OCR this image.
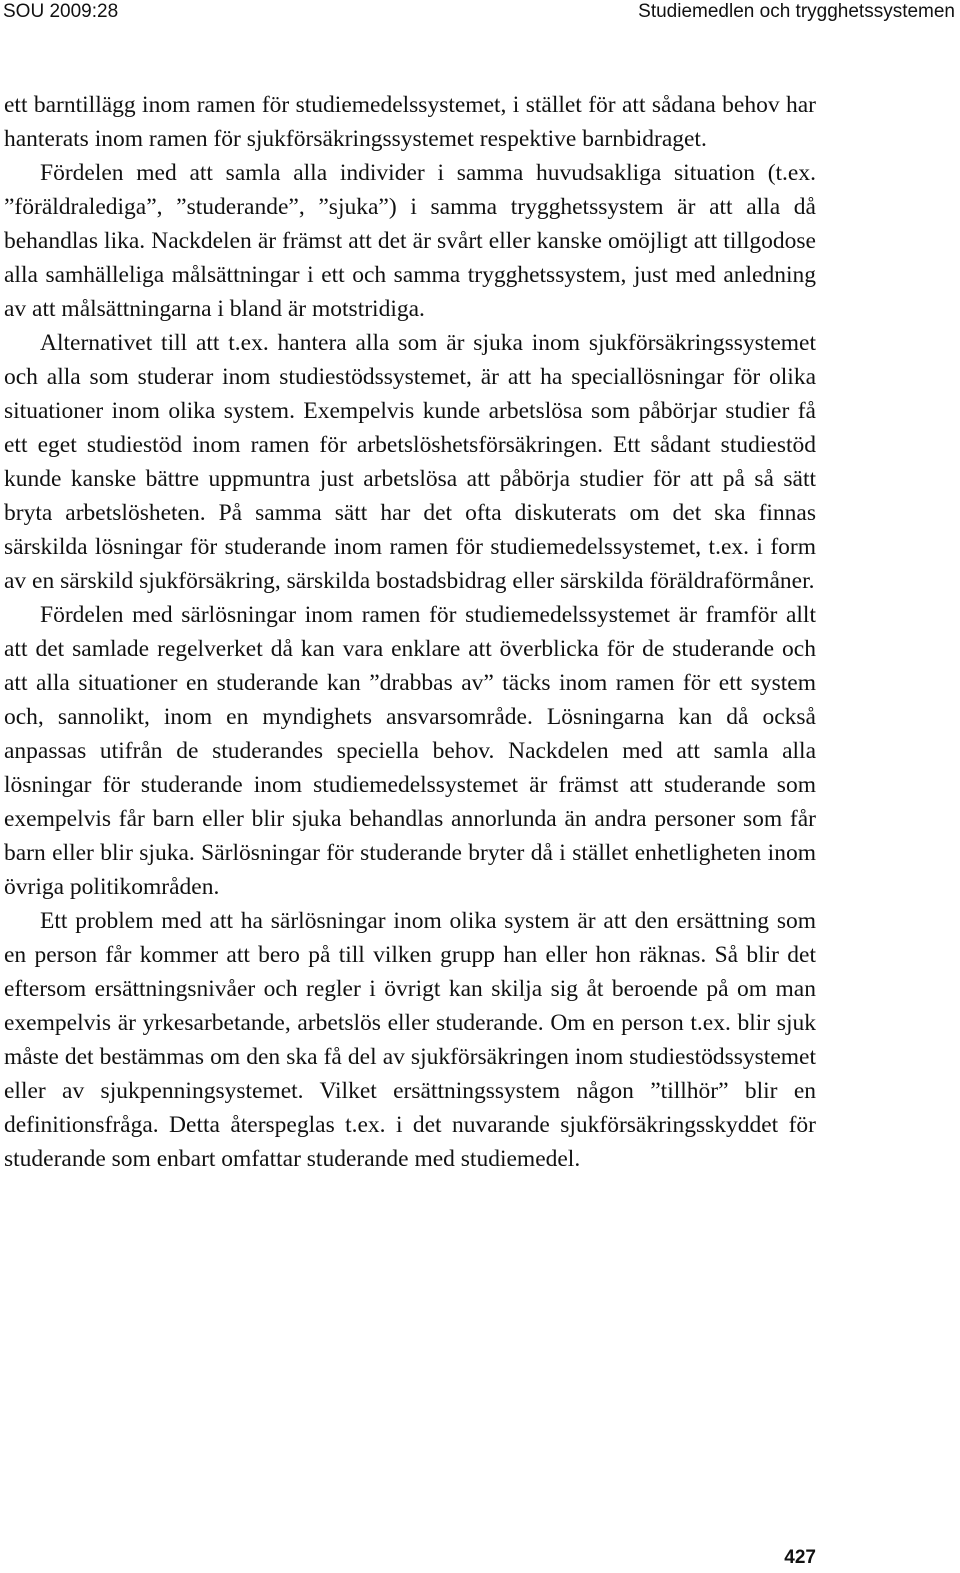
SOU 2009:28	Studiemedlen och trygghetssystemen

ett barntillägg inom ramen för studiemedelssystemet, i stället för att sådana behov har hanterats inom ramen för sjukförsäkringssystemet respektive barnbidraget.

Fördelen med att samla alla individer i samma huvudsakliga situation (t.ex. ”föräldralediga”, ”studerande”, ”sjuka”) i samma trygghetssystem är att alla då behandlas lika. Nackdelen är främst att det är svårt eller kanske omöjligt att tillgodose alla samhälleliga målsättningar i ett och samma trygghetssystem, just med anledning av att målsättningarna i bland är motstridiga.

Alternativet till att t.ex. hantera alla som är sjuka inom sjukförsäkringssystemet och alla som studerar inom studiestödssystemet, är att ha speciallösningar för olika situationer inom olika system. Exempelvis kunde arbetslösa som påbörjar studier få ett eget studiestöd inom ramen för arbetslöshetsförsäkringen. Ett sådant studiestöd kunde kanske bättre uppmuntra just arbetslösa att påbörja studier för att på så sätt bryta arbetslösheten. På samma sätt har det ofta diskuterats om det ska finnas särskilda lösningar för studerande inom ramen för studiemedelssystemet, t.ex. i form av en särskild sjukförsäkring, särskilda bostadsbidrag eller särskilda föräldraförmåner.

Fördelen med särlösningar inom ramen för studiemedelssystemet är framför allt att det samlade regelverket då kan vara enklare att överblicka för de studerande och att alla situationer en studerande kan ”drabbas av” täcks inom ramen för ett system och, sannolikt, inom en myndighets ansvarsområde. Lösningarna kan då också anpassas utifrån de studerandes speciella behov. Nackdelen med att samla alla lösningar för studerande inom studiemedelssystemet är främst att studerande som exempelvis får barn eller blir sjuka behandlas annorlunda än andra personer som får barn eller blir sjuka. Särlösningar för studerande bryter då i stället enhetligheten inom övriga politikområden.

Ett problem med att ha särlösningar inom olika system är att den ersättning som en person får kommer att bero på till vilken grupp han eller hon räknas. Så blir det eftersom ersättningsnivåer och regler i övrigt kan skilja sig åt beroende på om man exempelvis är yrkesarbetande, arbetslös eller studerande. Om en person t.ex. blir sjuk måste det bestämmas om den ska få del av sjukförsäkringen inom studiestödssystemet eller av sjukpenningsystemet. Vilket ersättningssystem någon ”tillhör” blir en definitionsfråga. Detta återspeglas t.ex. i det nuvarande sjukförsäkringsskyddet för studerande som enbart omfattar studerande med studiemedel.

427
